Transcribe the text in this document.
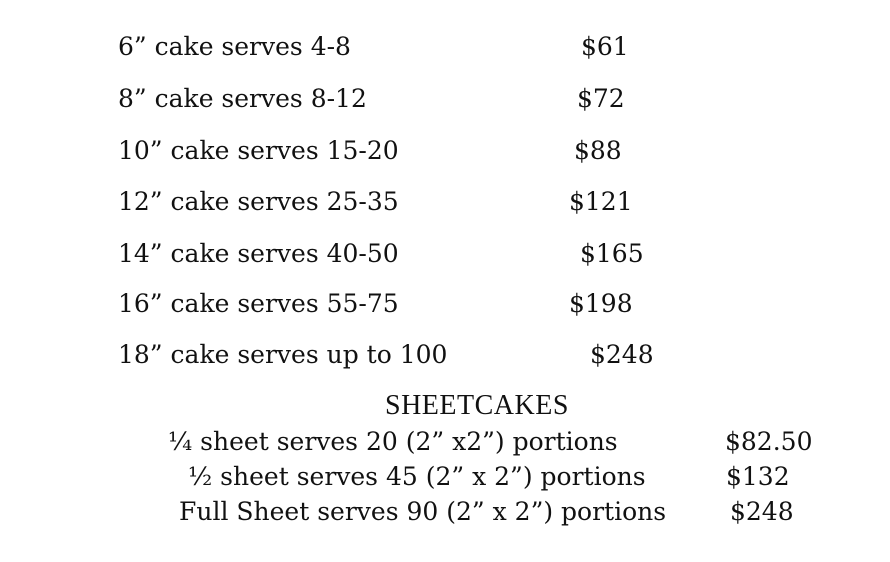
6” cake serves 4-8	$61
8” cake serves 8-12	$72
10” cake serves 15-20	$88
12” cake serves 25-35	$121
14” cake serves 40-50	$165
16” cake serves 55-75	$198
18” cake serves up to 100	$248
SHEETCAKES
¼ sheet serves 20 (2” x2”) portions	$82.50
½ sheet serves 45 (2” x 2”) portions	$132
Full Sheet serves 90 (2” x 2”) portions	$248
